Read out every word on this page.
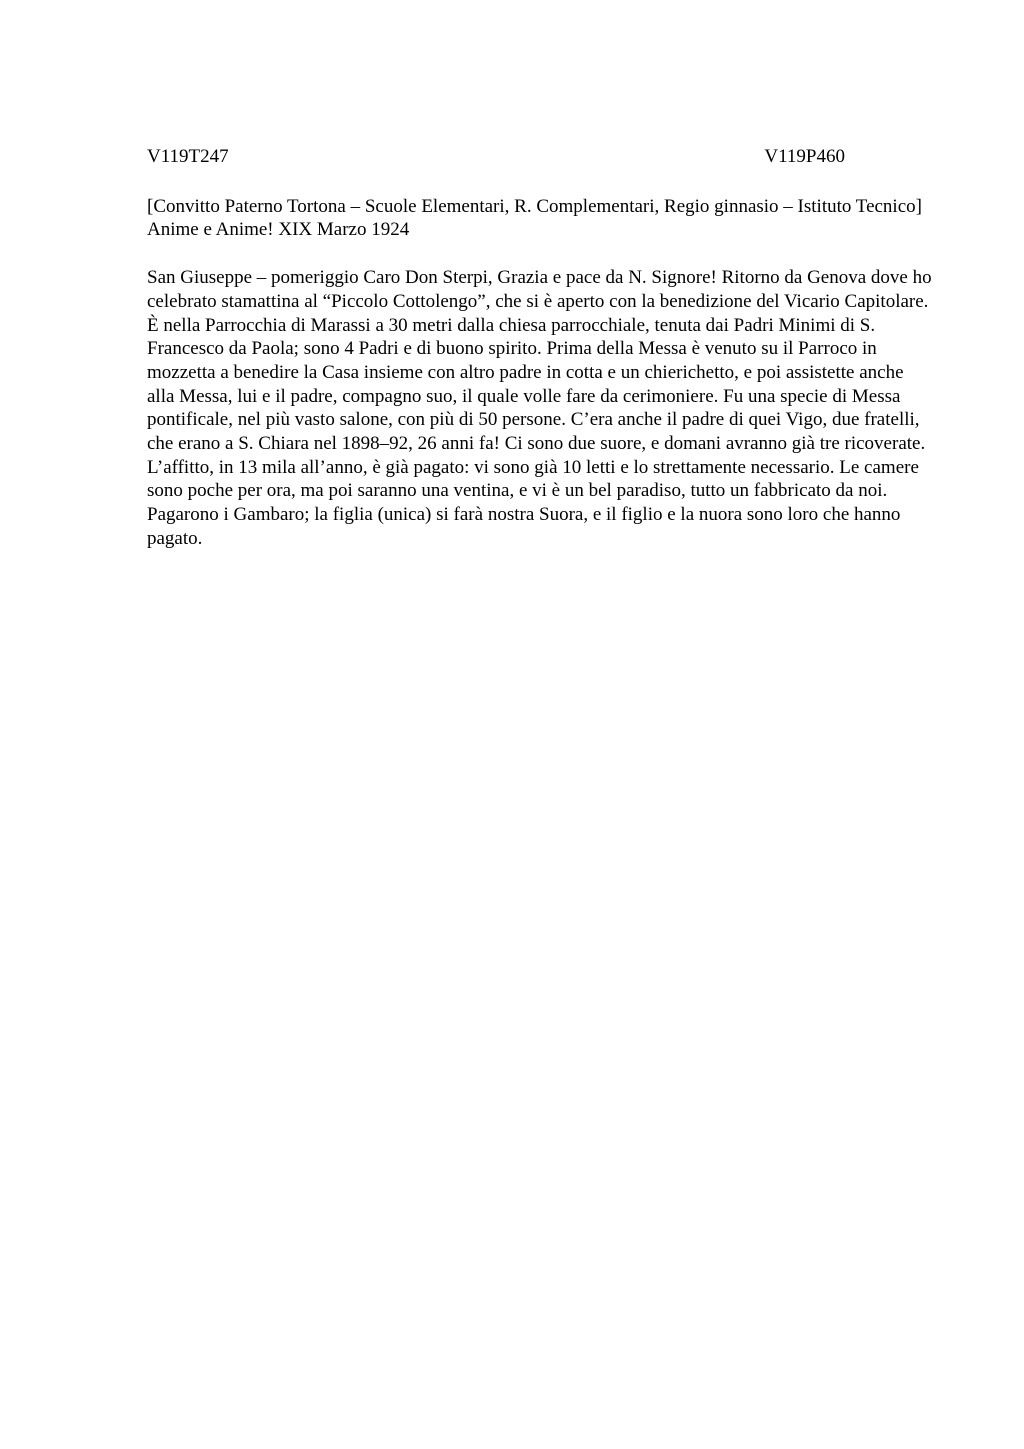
V119T247	V119P460

[Convitto Paterno Tortona – Scuole Elementari, R. Complementari, Regio ginnasio – Istituto Tecnico] Anime e Anime! XIX Marzo 1924

San Giuseppe – pomeriggio Caro Don Sterpi, Grazia e pace da N. Signore! Ritorno da Genova dove ho celebrato stamattina al “Piccolo Cottolengo”, che si è aperto con la benedizione del Vicario Capitolare. È nella Parrocchia di Marassi a 30 metri dalla chiesa parrocchiale, tenuta dai Padri Minimi di S. Francesco da Paola; sono 4 Padri e di buono spirito. Prima della Messa è venuto su il Parroco in mozzetta a benedire la Casa insieme con altro padre in cotta e un chierichetto, e poi assistette anche alla Messa, lui e il padre, compagno suo, il quale volle fare da cerimoniere. Fu una specie di Messa pontificale, nel più vasto salone, con più di 50 persone. C’era anche il padre di quei Vigo, due fratelli, che erano a S. Chiara nel 1898–92, 26 anni fa! Ci sono due suore, e domani avranno già tre ricoverate. L’affitto, in 13 mila all’anno, è già pagato: vi sono già 10 letti e lo strettamente necessario. Le camere sono poche per ora, ma poi saranno una ventina, e vi è un bel paradiso, tutto un fabbricato da noi. Pagarono i Gambaro; la figlia (unica) si farà nostra Suora, e il figlio e la nuora sono loro che hanno pagato.
